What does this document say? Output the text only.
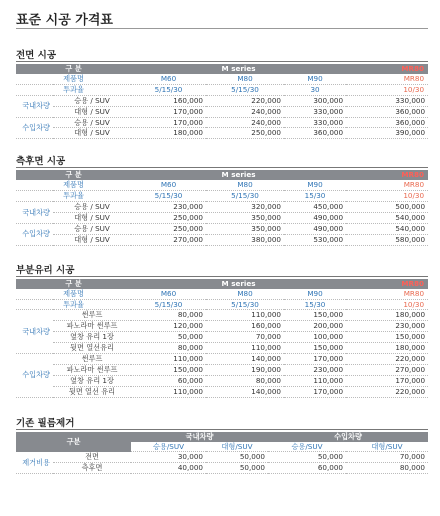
표준 시공 가격표
전면 시공
구 분		M series			MR80
제품명		M60	M80	M90	MR80
투과율		5/15/30	5/15/30	30	10/30
국내차량	승용 / SUV	160,000	220,000	300,000	330,000
	대형 / SUV	170,000	240,000	330,000	360,000
수입차량	승용 / SUV	170,000	240,000	330,000	360,000
	대형 / SUV	180,000	250,000	360,000	390,000
측후면 시공
구 분		M series			MR80
제품명		M60	M80	M90	MR80
투과율		5/15/30	5/15/30	15/30	10/30
국내차량	승용 / SUV	230,000	320,000	450,000	500,000
	대형 / SUV	250,000	350,000	490,000	540,000
수입차량	승용 / SUV	250,000	350,000	490,000	540,000
	대형 / SUV	270,000	380,000	530,000	580,000
부분유리 시공
구 분		M series			MR80
제품명		M60	M80	M90	MR80
투과율		5/15/30	5/15/30	15/30	10/30
국내차량	썬루프	80,000	110,000	150,000	180,000
	파노라마 썬루프	120,000	160,000	200,000	230,000
	옆창 유리 1장	50,000	70,000	100,000	150,000
	뒷면 열선유리	80,000	110,000	150,000	180,000
수입차량	썬루프	110,000	140,000	170,000	220,000
	파노라마 썬루프	150,000	190,000	230,000	270,000
	옆창 유리 1장	60,000	80,000	110,000	170,000
	뒷면 열선 유리	110,000	140,000	170,000	220,000
기존 필름제거
구분		국내차량		수입차량	
		승용/SUV	대형/SUV	승용/SUV	대형/SUV
제거비용	전면	30,000	50,000	50,000	70,000
	측후면	40,000	50,000	60,000	80,000
